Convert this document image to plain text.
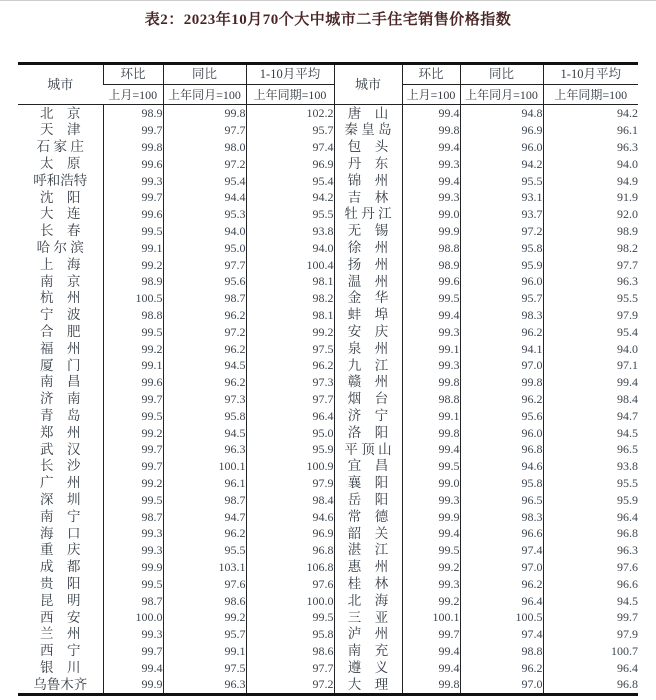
表2：2023年10月70个大中城市二手住宅销售价格指数
城市	环比	同比	1-10月平均	城市	环比	同比	1-10月平均
	上月=100	上年同月=100	上年同期=100		上月=100	上年同月=100	上年同期=100
北　京	98.9	99.8	102.2	唐　山	99.4	94.8	94.2
天　津	99.7	97.7	95.7	秦 皇 岛	99.8	96.9	96.1
石 家 庄	99.8	98.0	97.4	包　头	99.4	96.0	96.3
太　原	99.6	97.2	96.9	丹　东	99.3	94.2	94.0
呼和浩特	99.3	95.4	95.4	锦　州	99.4	95.5	94.9
沈　阳	99.7	94.4	94.2	吉　林	99.3	93.1	91.9
大　连	99.6	95.3	95.5	牡 丹 江	99.0	93.7	92.0
长　春	99.5	94.0	93.8	无　锡	99.9	97.2	98.9
哈 尔 滨	99.1	95.0	94.0	徐　州	98.8	95.8	98.2
上　海	99.2	97.7	100.4	扬　州	98.9	95.9	97.7
南　京	98.9	95.6	98.1	温　州	99.6	96.0	96.3
杭　州	100.5	98.7	98.2	金　华	99.5	95.7	95.5
宁　波	98.8	96.2	98.1	蚌　埠	99.4	98.3	97.9
合　肥	99.5	97.2	99.2	安　庆	99.3	96.2	95.4
福　州	99.2	96.2	97.5	泉　州	99.1	94.1	94.0
厦　门	99.1	94.5	96.2	九　江	99.3	97.0	97.1
南　昌	99.6	96.2	97.3	赣　州	99.8	99.8	99.4
济　南	99.7	97.3	97.7	烟　台	98.8	96.2	98.4
青　岛	99.5	95.8	96.4	济　宁	99.1	95.6	94.7
郑　州	99.2	94.5	95.0	洛　阳	99.8	96.0	94.5
武　汉	99.7	96.3	95.9	平 顶 山	99.4	96.8	96.5
长　沙	99.7	100.1	100.9	宜　昌	99.5	94.6	93.8
广　州	99.2	96.1	97.9	襄　阳	99.0	95.8	95.5
深　圳	99.5	98.7	98.4	岳　阳	99.3	96.5	95.9
南　宁	98.7	94.7	94.6	常　德	99.9	98.3	96.4
海　口	99.3	96.2	96.9	韶　关	99.4	96.6	96.8
重　庆	99.3	95.5	96.8	湛　江	99.5	97.4	96.3
成　都	99.9	103.1	106.8	惠　州	99.2	97.0	97.6
贵　阳	99.5	97.6	97.6	桂　林	99.3	96.2	96.6
昆　明	98.7	98.6	100.0	北　海	99.2	96.4	94.5
西　安	100.0	99.2	99.5	三　亚	100.1	100.5	99.7
兰　州	99.3	95.7	95.8	泸　州	99.7	97.4	97.9
西　宁	99.7	99.1	98.6	南　充	99.4	98.8	100.7
银　川	99.4	97.5	97.7	遵　义	99.4	96.2	96.4
乌鲁木齐	99.9	96.3	97.2	大　理	99.8	97.0	96.8
